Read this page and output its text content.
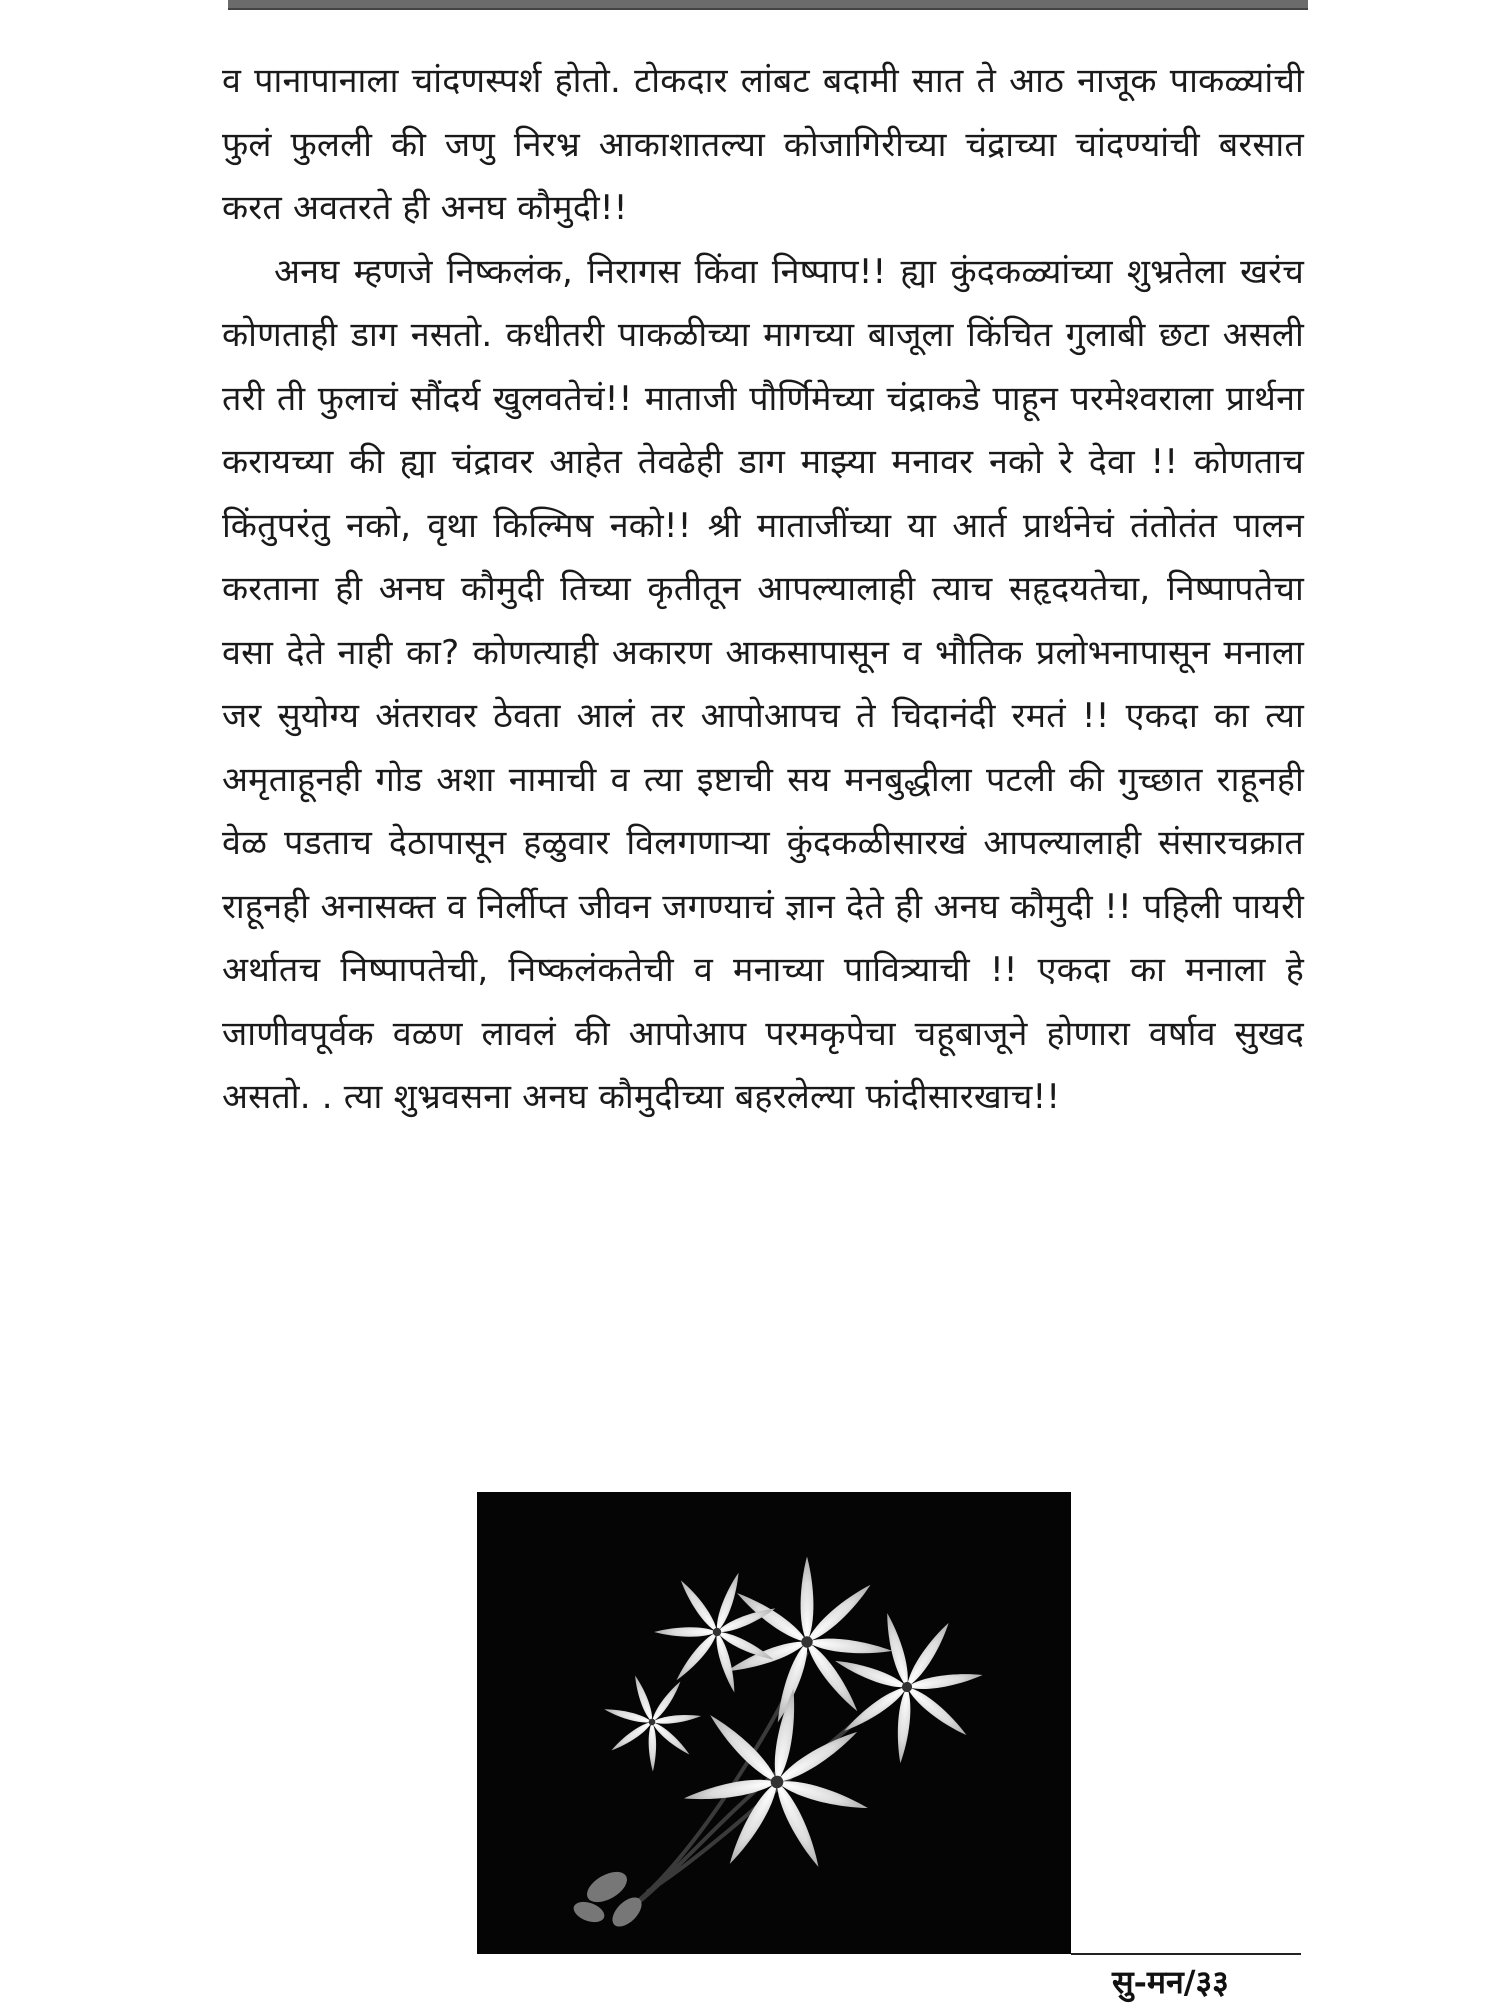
व पानापानाला चांदणस्पर्श होतो. टोकदार लांबट बदामी सात ते आठ नाजूक पाकळ्यांची फुलं फुलली की जणु निरभ्र आकाशातल्या कोजागिरीच्या चंद्राच्या चांदण्यांची बरसात करत अवतरते ही अनघ कौमुदी!!

अनघ म्हणजे निष्कलंक, निरागस किंवा निष्पाप!! ह्या कुंदकळ्यांच्या शुभ्रतेला खरंच कोणताही डाग नसतो. कधीतरी पाकळीच्या मागच्या बाजूला किंचित गुलाबी छटा असली तरी ती फुलाचं सौंदर्य खुलवतेचं!! माताजी पौर्णिमेच्या चंद्राकडे पाहून परमेश्वराला प्रार्थना करायच्या की ह्या चंद्रावर आहेत तेवढेही डाग माझ्या मनावर नको रे देवा !! कोणताच किंतुपरंतु नको, वृथा किल्मिष नको!! श्री माताजींच्या या आर्त प्रार्थनेचं तंतोतंत पालन करताना ही अनघ कौमुदी तिच्या कृतीतून आपल्यालाही त्याच सहृदयतेचा, निष्पापतेचा वसा देते नाही का? कोणत्याही अकारण आकसापासून व भौतिक प्रलोभनापासून मनाला जर सुयोग्य अंतरावर ठेवता आलं तर आपोआपच ते चिदानंदी रमतं !! एकदा का त्या अमृताहूनही गोड अशा नामाची व त्या इष्टाची सय मनबुद्धीला पटली की गुच्छात राहूनही वेळ पडताच देठापासून हळुवार विलगणाऱ्या कुंदकळीसारखं आपल्यालाही संसारचक्रात राहूनही अनासक्त व निर्लीप्त जीवन जगण्याचं ज्ञान देते ही अनघ कौमुदी !! पहिली पायरी अर्थातच निष्पापतेची, निष्कलंकतेची व मनाच्या पावित्र्याची !! एकदा का मनाला हे जाणीवपूर्वक वळण लावलं की आपोआप परमकृपेचा चहूबाजूने होणारा वर्षाव सुखद असतो. . त्या शुभ्रवसना अनघ कौमुदीच्या बहरलेल्या फांदीसारखाच!!

सु-मन/३३
